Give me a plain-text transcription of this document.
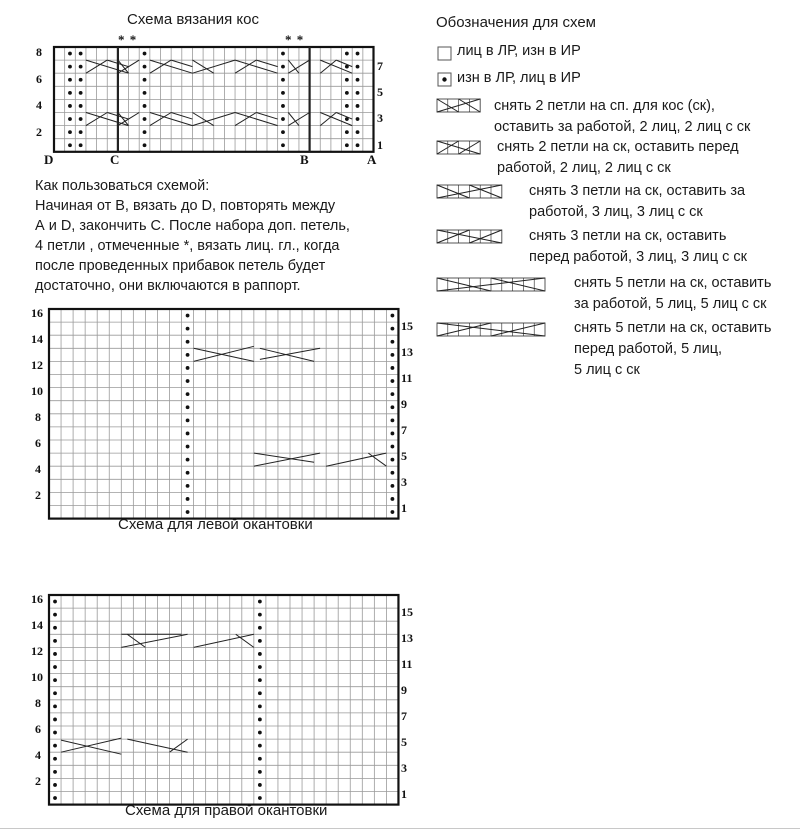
Схема вязания кос
* *	* *
8
6
4
2
7
5
3
1
D	C	B	A
Как пользоваться схемой:
Начиная от В, вязать до D, повторять между
А и D, закончить С. После набора доп. петель,
4 петли , отмеченные *, вязать лиц. гл., когда
после проведенных прибавок петель будет
достаточно, они включаются в раппорт.
Обозначения для схем
лиц в ЛР, изн в ИР
изн в ЛР, лиц в ИР
снять 2 петли на сп. для кос (ск),
оставить за работой, 2 лиц, 2 лиц с ск
снять 2 петли на ск, оставить перед
работой, 2 лиц, 2 лиц с ск
снять 3 петли на ск, оставить за
работой, 3 лиц, 3 лиц с ск
снять 3 петли на ск, оставить
перед работой, 3 лиц, 3 лиц с ск
снять 5 петли на ск, оставить
за работой, 5 лиц, 5 лиц с ск
снять 5 петли на ск, оставить
перед работой, 5 лиц,
5 лиц с ск
16
14
12
10
8
6
4
2
15
13
11
9
7
5
3
1
Схема для левой окантовки
16
14
12
10
8
6
4
2
15
13
11
9
7
5
3
1
Схема для правой окантовки
